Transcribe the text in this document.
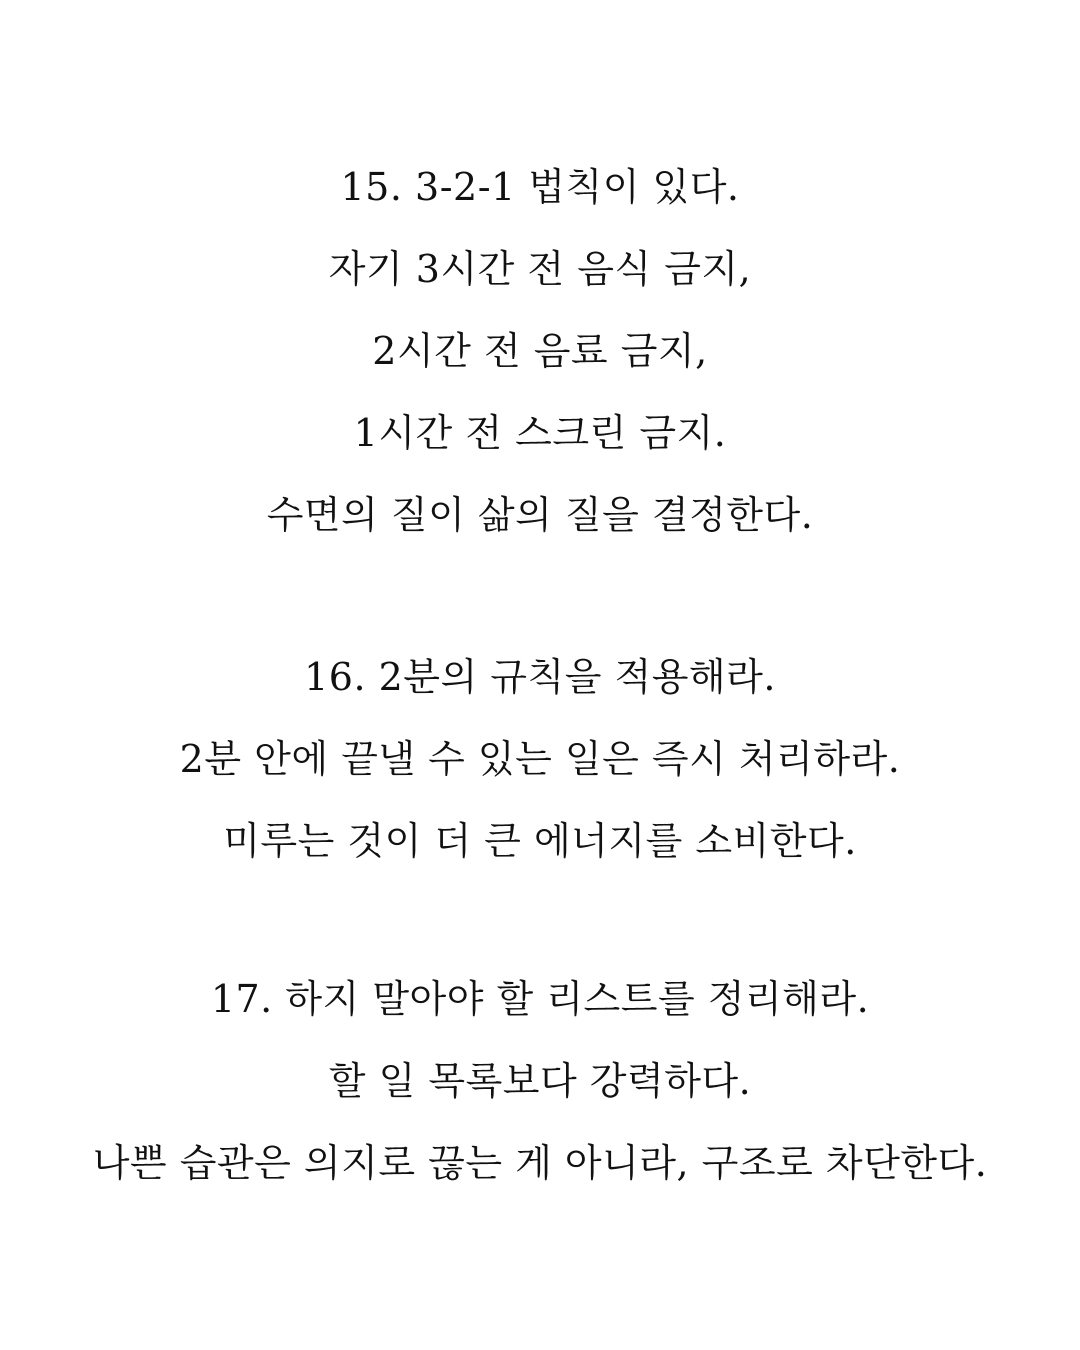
15. 3-2-1 법칙이 있다.

자기 3시간 전 음식 금지,

2시간 전 음료 금지,

1시간 전 스크린 금지.

수면의 질이 삶의 질을 결정한다.

16. 2분의 규칙을 적용해라.

2분 안에 끝낼 수 있는 일은 즉시 처리하라.

미루는 것이 더 큰 에너지를 소비한다.

17. 하지 말아야 할 리스트를 정리해라.

할 일 목록보다 강력하다.

나쁜 습관은 의지로 끊는 게 아니라, 구조로 차단한다.
